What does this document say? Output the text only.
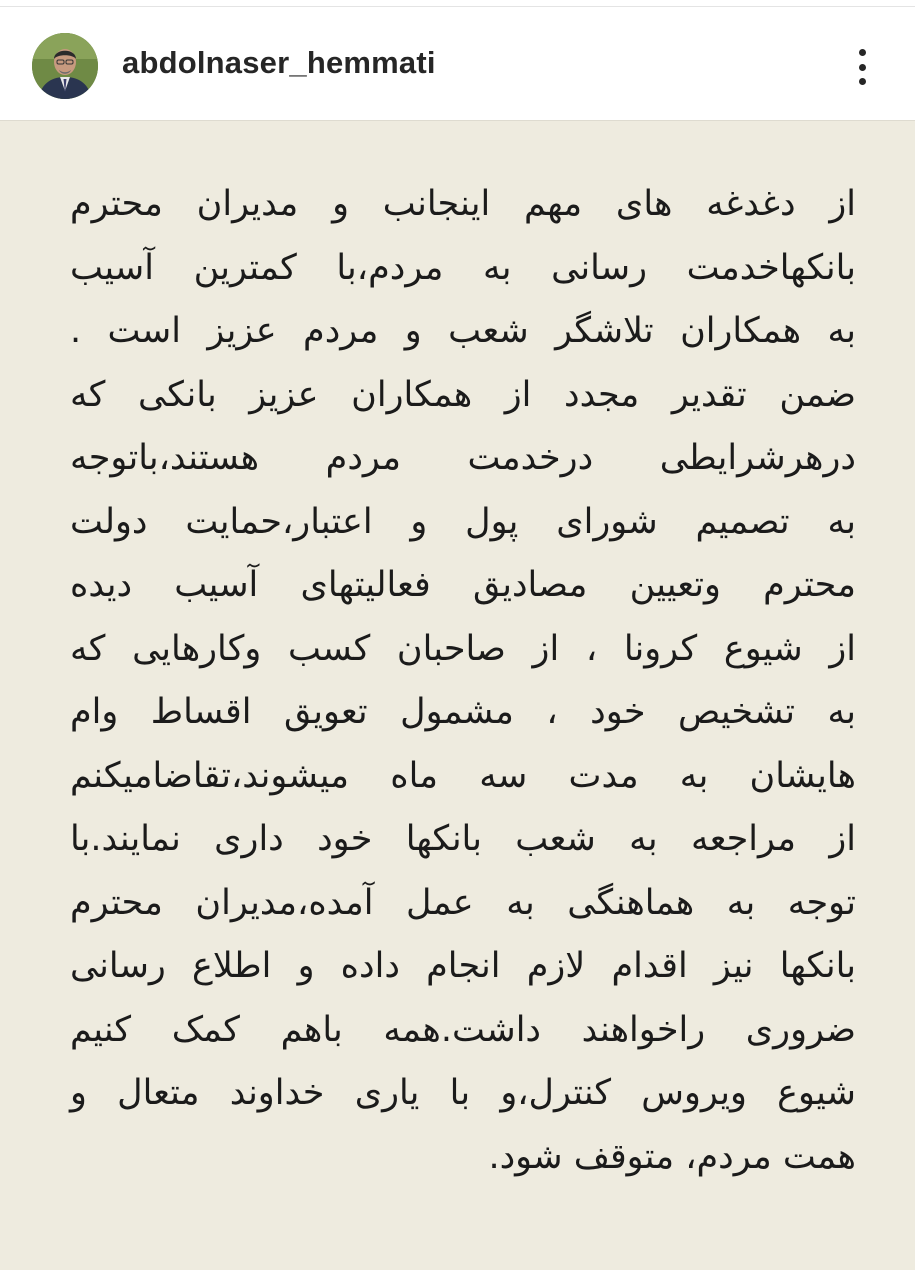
abdolnaser_hemmati
از دغدغه های مهم اینجانب و مدیران محترم
بانکهاخدمت رسانی به مردم،با کمترین آسیب
به همکاران تلاشگر شعب و مردم عزیز است .
ضمن تقدیر مجدد از همکاران عزیز بانکی که
درهرشرایطی درخدمت مردم هستند،باتوجه
به تصمیم شورای پول و اعتبار،حمایت دولت
محترم وتعیین مصادیق فعالیتهای آسیب دیده
از شیوع کرونا ، از صاحبان کسب وکارهایی که
به تشخیص خود ، مشمول تعویق اقساط وام
هایشان به مدت سه ماه میشوند،تقاضامیکنم
از مراجعه به شعب بانکها خود داری نمایند.با
توجه به هماهنگی به عمل آمده،مدیران محترم
بانکها نیز اقدام لازم انجام داده و اطلاع رسانی
ضروری راخواهند داشت.همه باهم کمک کنیم
شیوع ویروس کنترل،و با یاری خداوند متعال و
همت مردم، متوقف شود.
